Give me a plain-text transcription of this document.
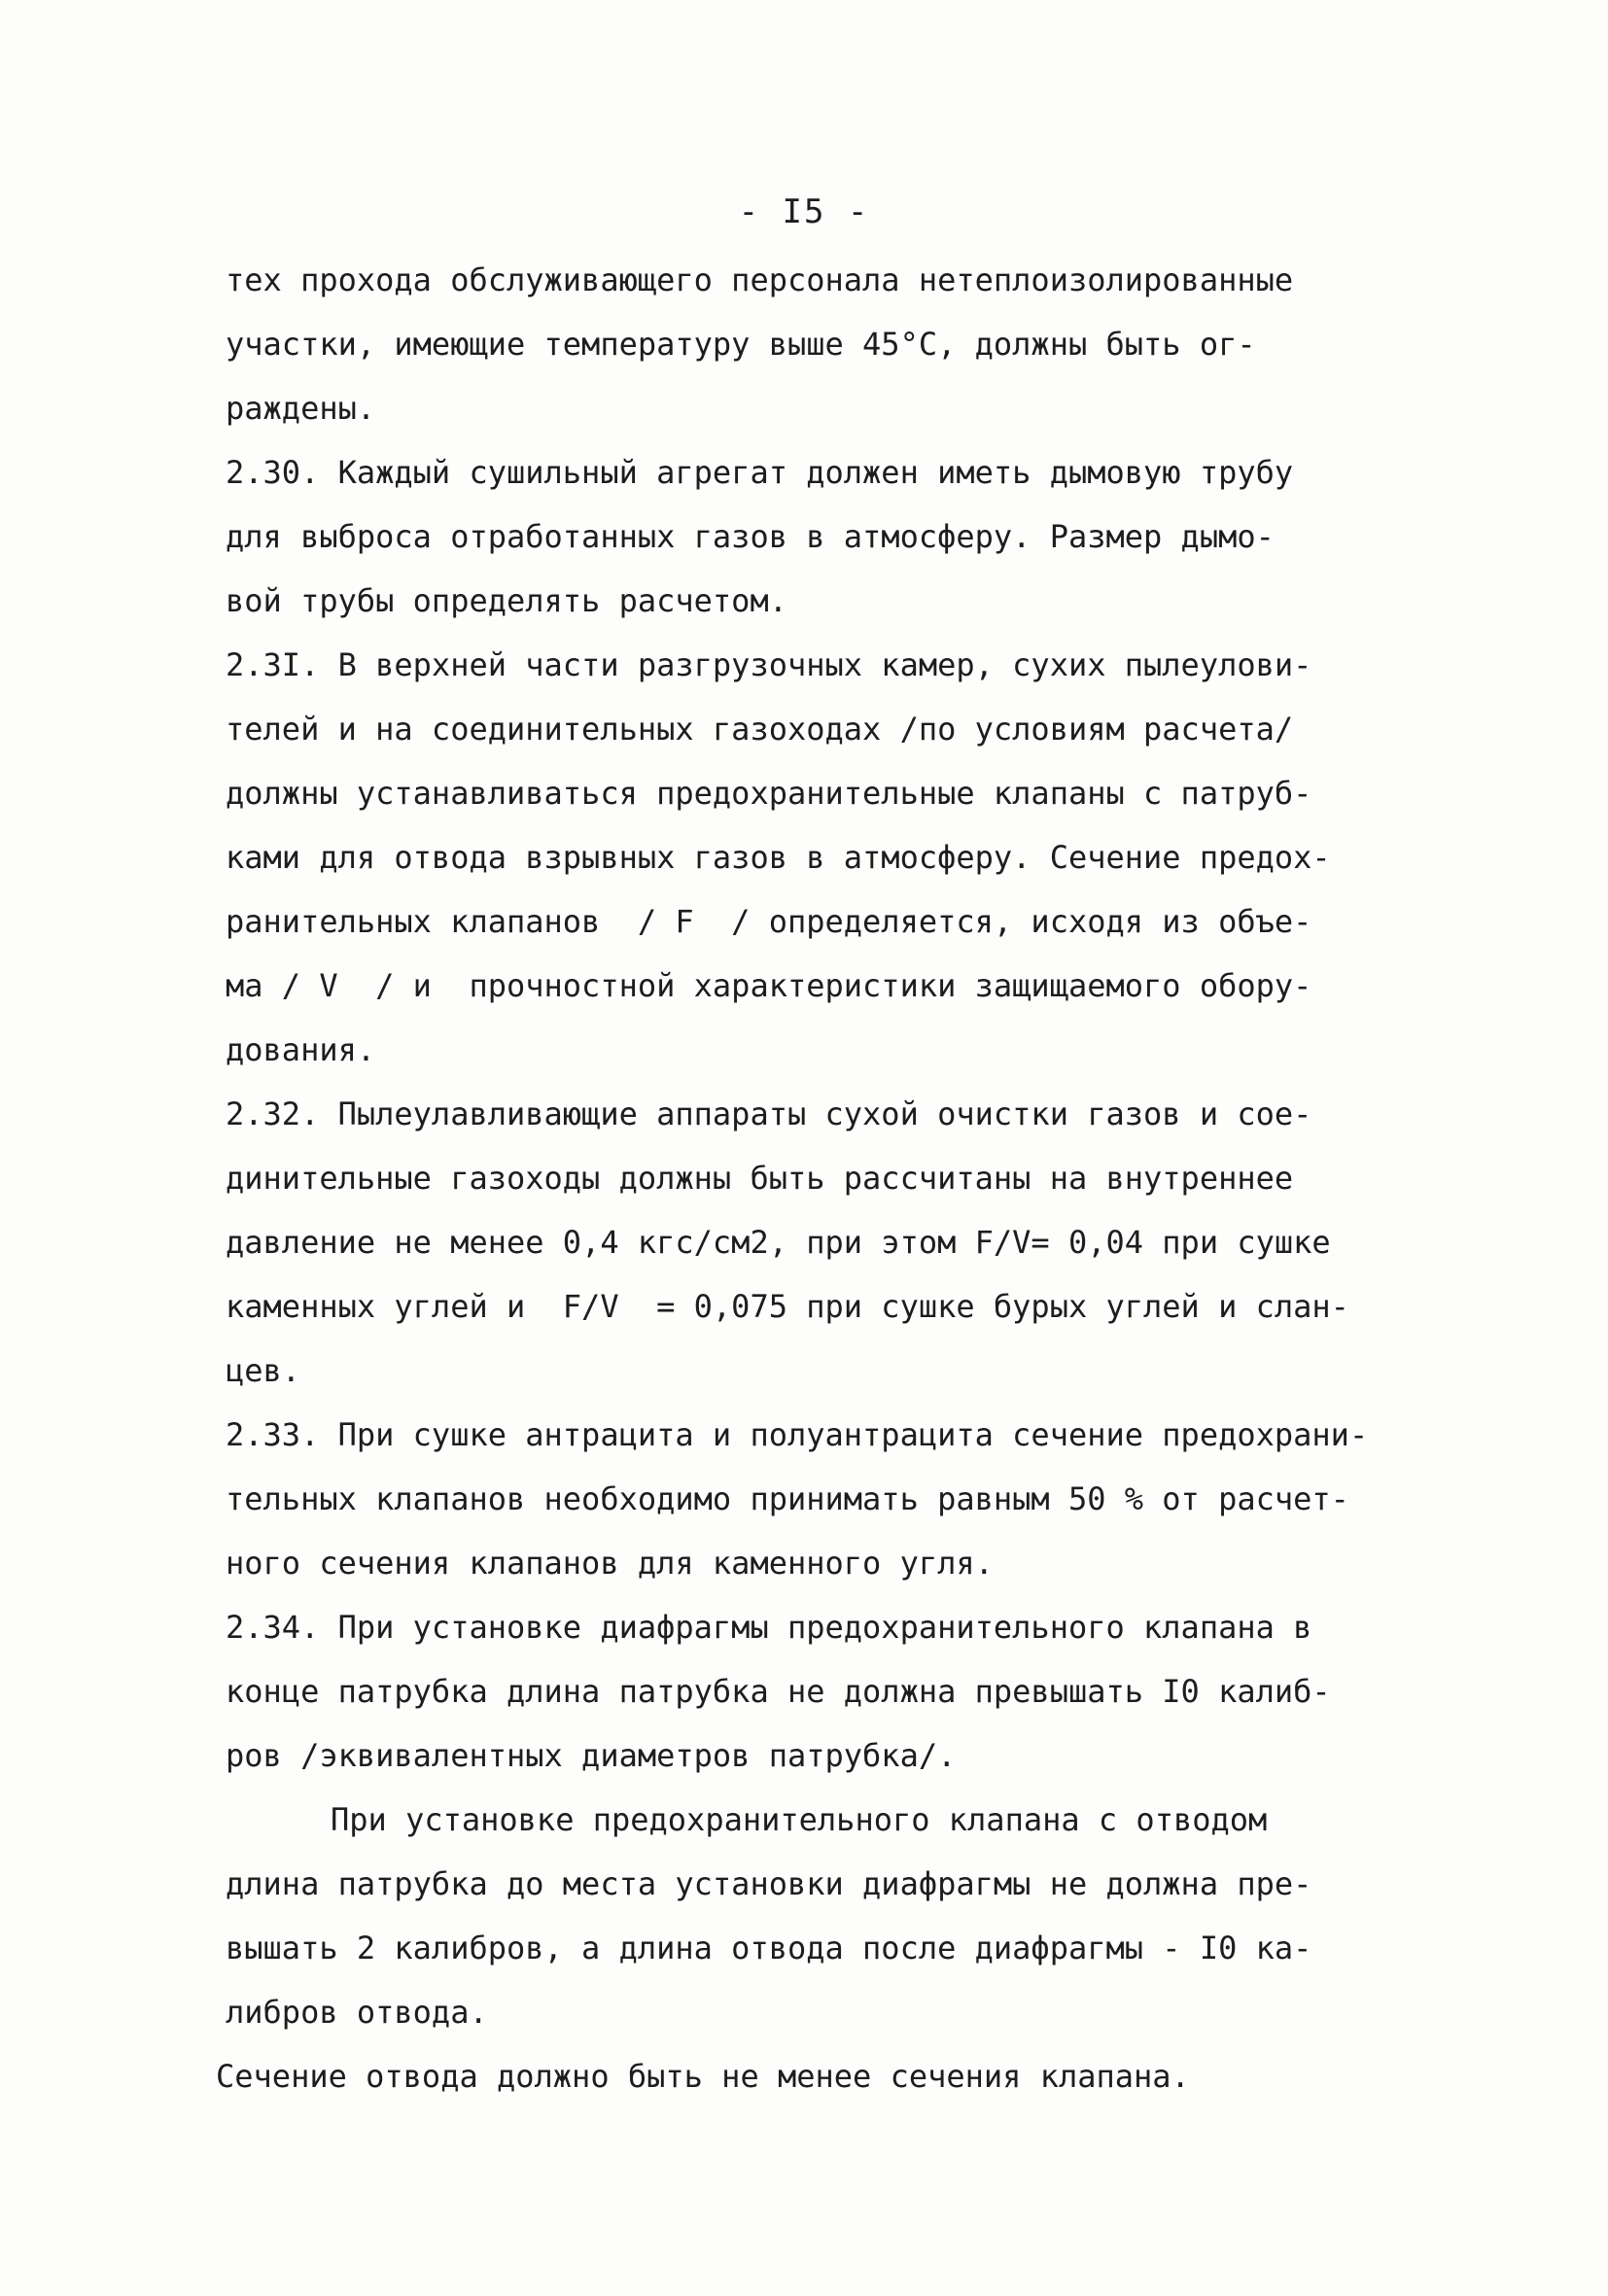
- I5 -
тех прохода обслуживающего персонала нетеплоизолированные
участки, имеющие температуру выше 45°С, должны быть ог-
раждены.
2.30. Каждый сушильный агрегат должен иметь дымовую трубу
для выброса отработанных газов в атмосферу. Размер дымо-
вой трубы определять расчетом.
2.3I. В верхней части разгрузочных камер, сухих пылеулови-
телей и на соединительных газоходах /по условиям расчета/
должны устанавливаться предохранительные клапаны с патруб-
ками для отвода взрывных газов в атмосферу. Сечение предох-
ранительных клапанов  / F  / определяется, исходя из объе-
ма / V  / и  прочностной характеристики защищаемого обору-
дования.
2.32. Пылеулавливающие аппараты сухой очистки газов и сое-
динительные газоходы должны быть рассчитаны на внутреннее
давление не менее 0,4 кгс/см2, при этом F/V= 0,04 при сушке
каменных углей и  F/V  = 0,075 при сушке бурых углей и слан-
цев.
2.33. При сушке антрацита и полуантрацита сечение предохрани-
тельных клапанов необходимо принимать равным 50 % от расчет-
ного сечения клапанов для каменного угля.
2.34. При установке диафрагмы предохранительного клапана в
конце патрубка длина патрубка не должна превышать I0 калиб-
ров /эквивалентных диаметров патрубка/.
При установке предохранительного клапана с отводом
длина патрубка до места установки диафрагмы не должна пре-
вышать 2 калибров, а длина отвода после диафрагмы - I0 ка-
либров отвода.
Сечение отвода должно быть не менее сечения клапана.
